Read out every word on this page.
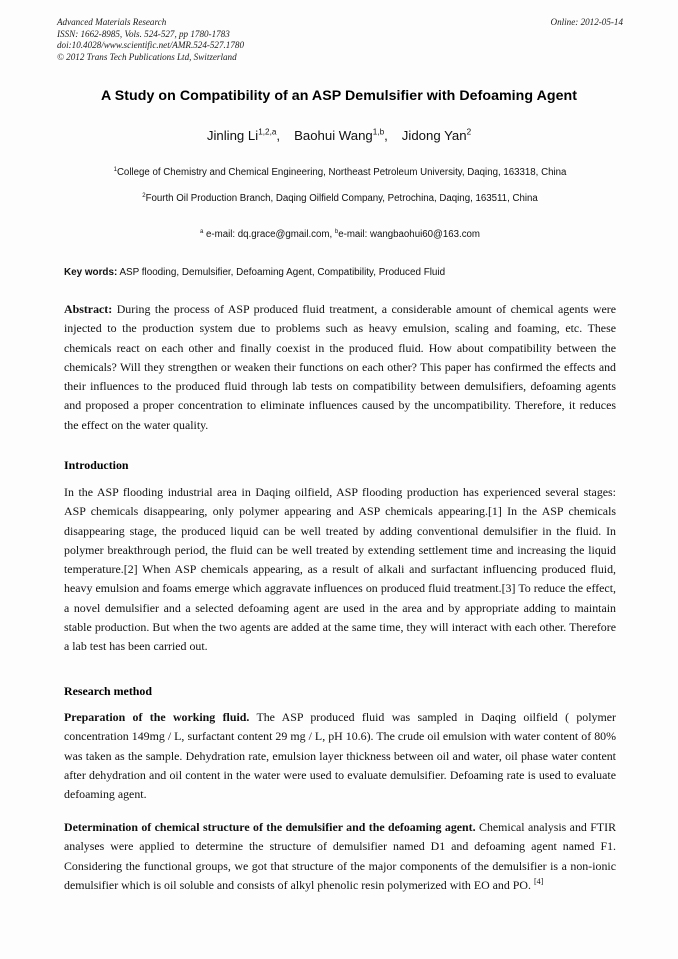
Advanced Materials Research
ISSN: 1662-8985, Vols. 524-527, pp 1780-1783
doi:10.4028/www.scientific.net/AMR.524-527.1780
© 2012 Trans Tech Publications Ltd, Switzerland
Online: 2012-05-14
A Study on Compatibility of an ASP Demulsifier with Defoaming Agent
Jinling Li$^{1,2,a}$, Baohui Wang$^{1,b}$, Jidong Yan$^2$
$^1$College of Chemistry and Chemical Engineering, Northeast Petroleum University, Daqing, 163318, China
$^2$Fourth Oil Production Branch, Daqing Oilfield Company, Petrochina, Daqing, 163511, China
$^a$ e-mail: dq.grace@gmail.com, $^b$e-mail: wangbaohui60@163.com
Key words: ASP flooding, Demulsifier, Defoaming Agent, Compatibility, Produced Fluid
Abstract: During the process of ASP produced fluid treatment, a considerable amount of chemical agents were injected to the production system due to problems such as heavy emulsion, scaling and foaming, etc. These chemicals react on each other and finally coexist in the produced fluid. How about compatibility between the chemicals? Will they strengthen or weaken their functions on each other? This paper has confirmed the effects and their influences to the produced fluid through lab tests on compatibility between demulsifiers, defoaming agents and proposed a proper concentration to eliminate influences caused by the uncompatibility. Therefore, it reduces the effect on the water quality.
Introduction
In the ASP flooding industrial area in Daqing oilfield, ASP flooding production has experienced several stages: ASP chemicals disappearing, only polymer appearing and ASP chemicals appearing.[1] In the ASP chemicals disappearing stage, the produced liquid can be well treated by adding conventional demulsifier in the fluid. In polymer breakthrough period, the fluid can be well treated by extending settlement time and increasing the liquid temperature.[2] When ASP chemicals appearing, as a result of alkali and surfactant influencing produced fluid, heavy emulsion and foams emerge which aggravate influences on produced fluid treatment.[3] To reduce the effect, a novel demulsifier and a selected defoaming agent are used in the area and by appropriate adding to maintain stable production. But when the two agents are added at the same time, they will interact with each other. Therefore a lab test has been carried out.
Research method
Preparation of the working fluid. The ASP produced fluid was sampled in Daqing oilfield ( polymer concentration 149mg / L, surfactant content 29 mg / L, pH 10.6). The crude oil emulsion with water content of 80% was taken as the sample. Dehydration rate, emulsion layer thickness between oil and water, oil phase water content after dehydration and oil content in the water were used to evaluate demulsifier. Defoaming rate is used to evaluate defoaming agent.
Determination of chemical structure of the demulsifier and the defoaming agent. Chemical analysis and FTIR analyses were applied to determine the structure of demulsifier named D1 and defoaming agent named F1. Considering the functional groups, we got that structure of the major components of the demulsifier is a non-ionic demulsifier which is oil soluble and consists of alkyl phenolic resin polymerized with EO and PO. [4]
